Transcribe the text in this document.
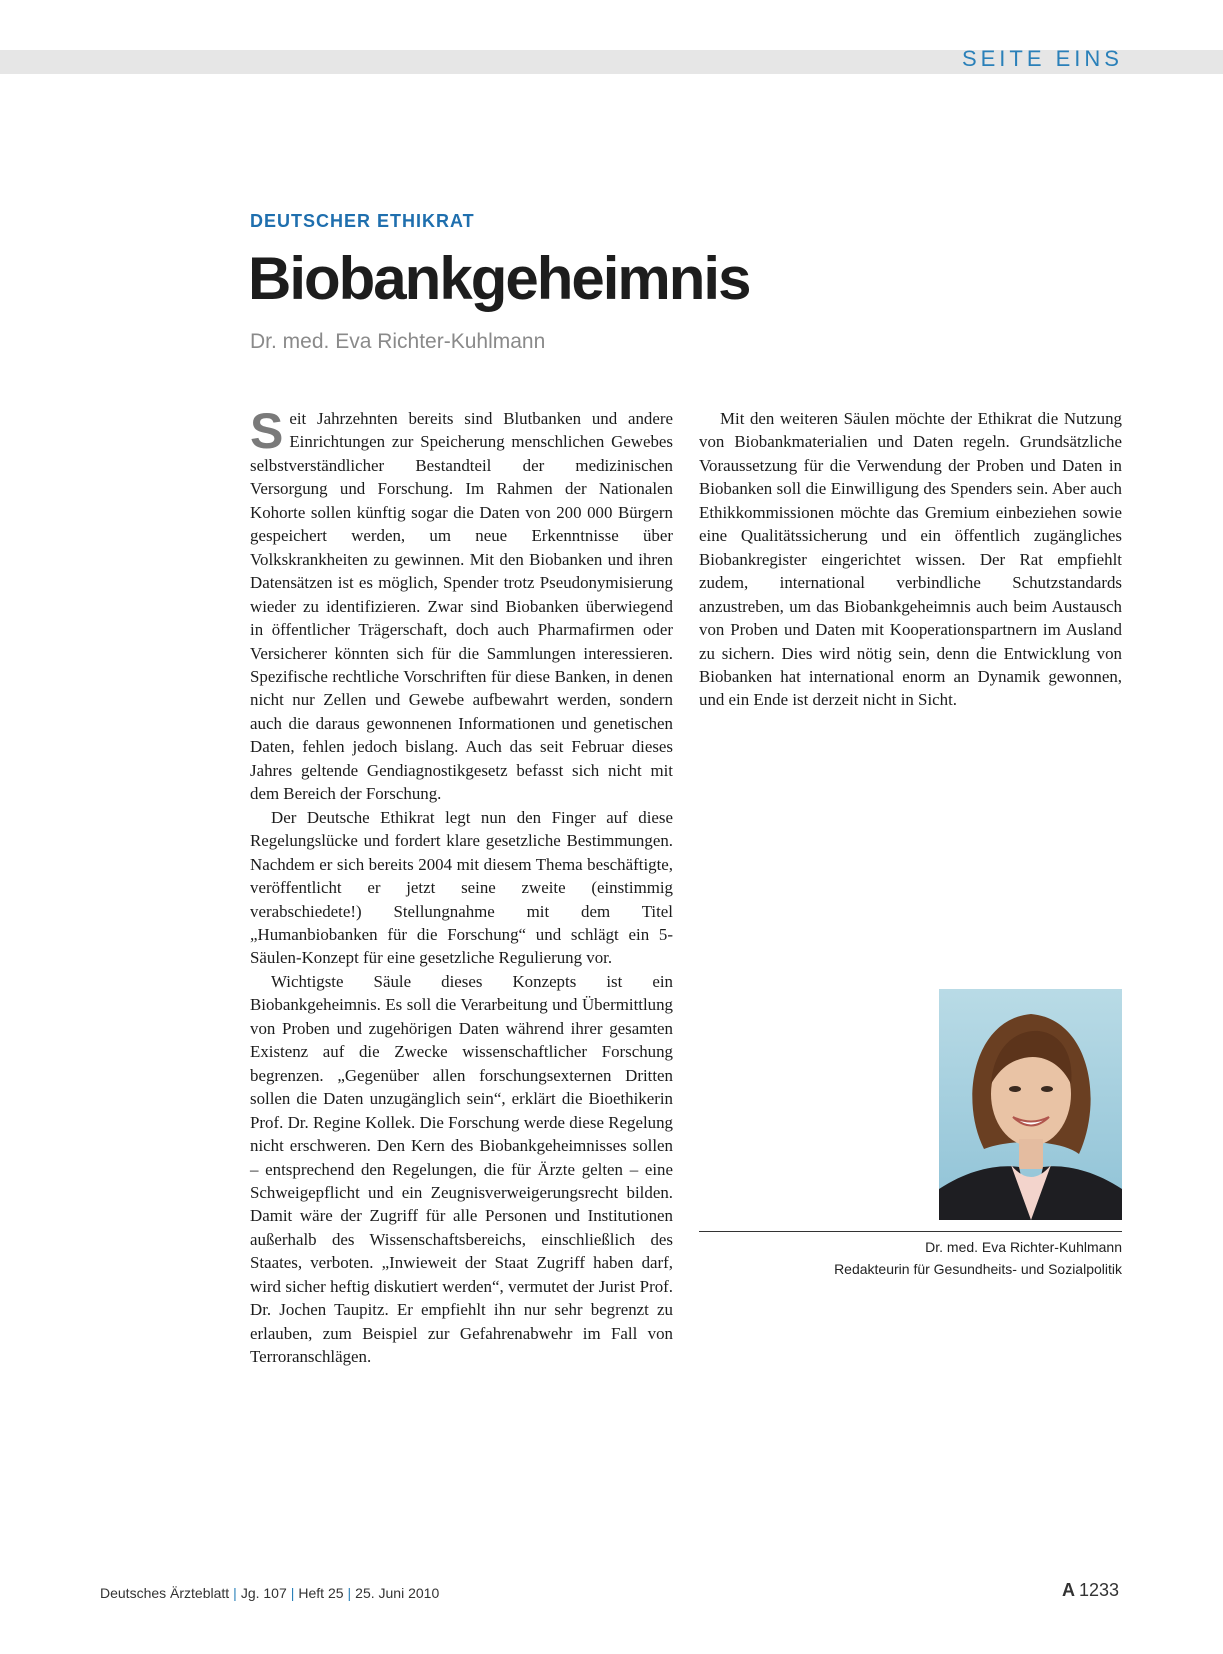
SEITE EINS
DEUTSCHER ETHIKRAT
Biobankgeheimnis
Dr. med. Eva Richter-Kuhlmann

Seit Jahrzehnten bereits sind Blutbanken und andere Einrichtungen zur Speicherung menschlichen Gewebes selbstverständlicher Bestandteil der medizinischen Versorgung und Forschung. Im Rahmen der Nationalen Kohorte sollen künftig sogar die Daten von 200 000 Bürgern gespeichert werden, um neue Erkenntnisse über Volkskrankheiten zu gewinnen. Mit den Biobanken und ihren Datensätzen ist es möglich, Spender trotz Pseudonymisierung wieder zu identifizieren. Zwar sind Biobanken überwiegend in öffentlicher Trägerschaft, doch auch Pharmafirmen oder Versicherer könnten sich für die Sammlungen interessieren. Spezifische rechtliche Vorschriften für diese Banken, in denen nicht nur Zellen und Gewebe aufbewahrt werden, sondern auch die daraus gewonnenen Informationen und genetischen Daten, fehlen jedoch bislang. Auch das seit Februar dieses Jahres geltende Gendiagnostikgesetz befasst sich nicht mit dem Bereich der Forschung.

Der Deutsche Ethikrat legt nun den Finger auf diese Regelungslücke und fordert klare gesetzliche Bestimmungen. Nachdem er sich bereits 2004 mit diesem Thema beschäftigte, veröffentlicht er jetzt seine zweite (einstimmig verabschiedete!) Stellungnahme mit dem Titel „Humanbiobanken für die Forschung“ und schlägt ein 5-Säulen-Konzept für eine gesetzliche Regulierung vor.

Wichtigste Säule dieses Konzepts ist ein Biobankgeheimnis. Es soll die Verarbeitung und Übermittlung von Proben und zugehörigen Daten während ihrer gesamten Existenz auf die Zwecke wissenschaftlicher Forschung begrenzen. „Gegenüber allen forschungsexternen Dritten sollen die Daten unzugänglich sein“, erklärt die Bioethikerin Prof. Dr. Regine Kollek. Die Forschung werde diese Regelung nicht erschweren. Den Kern des Biobankgeheimnisses sollen – entsprechend den Regelungen, die für Ärzte gelten – eine Schweigepflicht und ein Zeugnisverweigerungsrecht bilden. Damit wäre der Zugriff für alle Personen und Institutionen außerhalb des Wissenschaftsbereichs, einschließlich des Staates, verboten. „Inwieweit der Staat Zugriff haben darf, wird sicher heftig diskutiert werden“, vermutet der Jurist Prof. Dr. Jochen Taupitz. Er empfiehlt ihn nur sehr begrenzt zu erlauben, zum Beispiel zur Gefahrenabwehr im Fall von Terroranschlägen.

Mit den weiteren Säulen möchte der Ethikrat die Nutzung von Biobankmaterialien und Daten regeln. Grundsätzliche Voraussetzung für die Verwendung der Proben und Daten in Biobanken soll die Einwilligung des Spenders sein. Aber auch Ethikkommissionen möchte das Gremium einbeziehen sowie eine Qualitätssicherung und ein öffentlich zugängliches Biobankregister eingerichtet wissen. Der Rat empfiehlt zudem, international verbindliche Schutzstandards anzustreben, um das Biobankgeheimnis auch beim Austausch von Proben und Daten mit Kooperationspartnern im Ausland zu sichern. Dies wird nötig sein, denn die Entwicklung von Biobanken hat international enorm an Dynamik gewonnen, und ein Ende ist derzeit nicht in Sicht.

Dr. med. Eva Richter-Kuhlmann
Redakteurin für Gesundheits- und Sozialpolitik
Deutsches Ärzteblatt | Jg. 107 | Heft 25 | 25. Juni 2010	A 1233
